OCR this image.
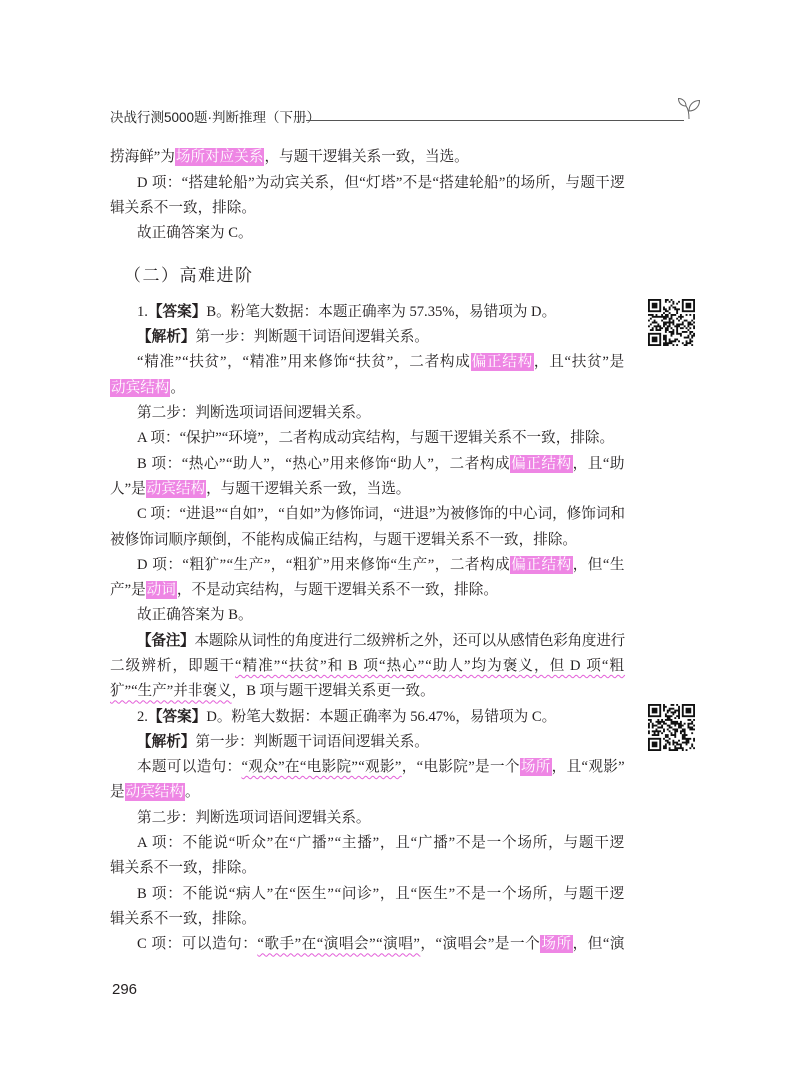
决战行测5000题·判断推理（下册）
捞海鲜”为场所对应关系，与题干逻辑关系一致，当选。
D 项：“搭建轮船”为动宾关系，但“灯塔”不是“搭建轮船”的场所，与题干逻
辑关系不一致，排除。
故正确答案为 C。
（二）高难进阶
1.【答案】B。粉笔大数据：本题正确率为 57.35%，易错项为 D。
【解析】第一步：判断题干词语间逻辑关系。
“精准”“扶贫”，“精准”用来修饰“扶贫”，二者构成偏正结构，且“扶贫”是
动宾结构。
第二步：判断选项词语间逻辑关系。
A 项：“保护”“环境”，二者构成动宾结构，与题干逻辑关系不一致，排除。
B 项：“热心”“助人”，“热心”用来修饰“助人”，二者构成偏正结构，且“助
人”是动宾结构，与题干逻辑关系一致，当选。
C 项：“进退”“自如”，“自如”为修饰词，“进退”为被修饰的中心词，修饰词和
被修饰词顺序颠倒，不能构成偏正结构，与题干逻辑关系不一致，排除。
D 项：“粗犷”“生产”，“粗犷”用来修饰“生产”，二者构成偏正结构，但“生
产”是动词，不是动宾结构，与题干逻辑关系不一致，排除。
故正确答案为 B。
【备注】本题除从词性的角度进行二级辨析之外，还可以从感情色彩角度进行
二级辨析，即题干“精准”“扶贫”和 B 项“热心”“助人”均为褒义，但 D 项“粗
犷”“生产”并非褒义，B 项与题干逻辑关系更一致。
2.【答案】D。粉笔大数据：本题正确率为 56.47%，易错项为 C。
【解析】第一步：判断题干词语间逻辑关系。
本题可以造句：“观众”在“电影院”“观影”，“电影院”是一个场所，且“观影”
是动宾结构。
第二步：判断选项词语间逻辑关系。
A 项：不能说“听众”在“广播”“主播”，且“广播”不是一个场所，与题干逻
辑关系不一致，排除。
B 项：不能说“病人”在“医生”“问诊”，且“医生”不是一个场所，与题干逻
辑关系不一致，排除。
C 项：可以造句：“歌手”在“演唱会”“演唱”，“演唱会”是一个场所，但“演
296
